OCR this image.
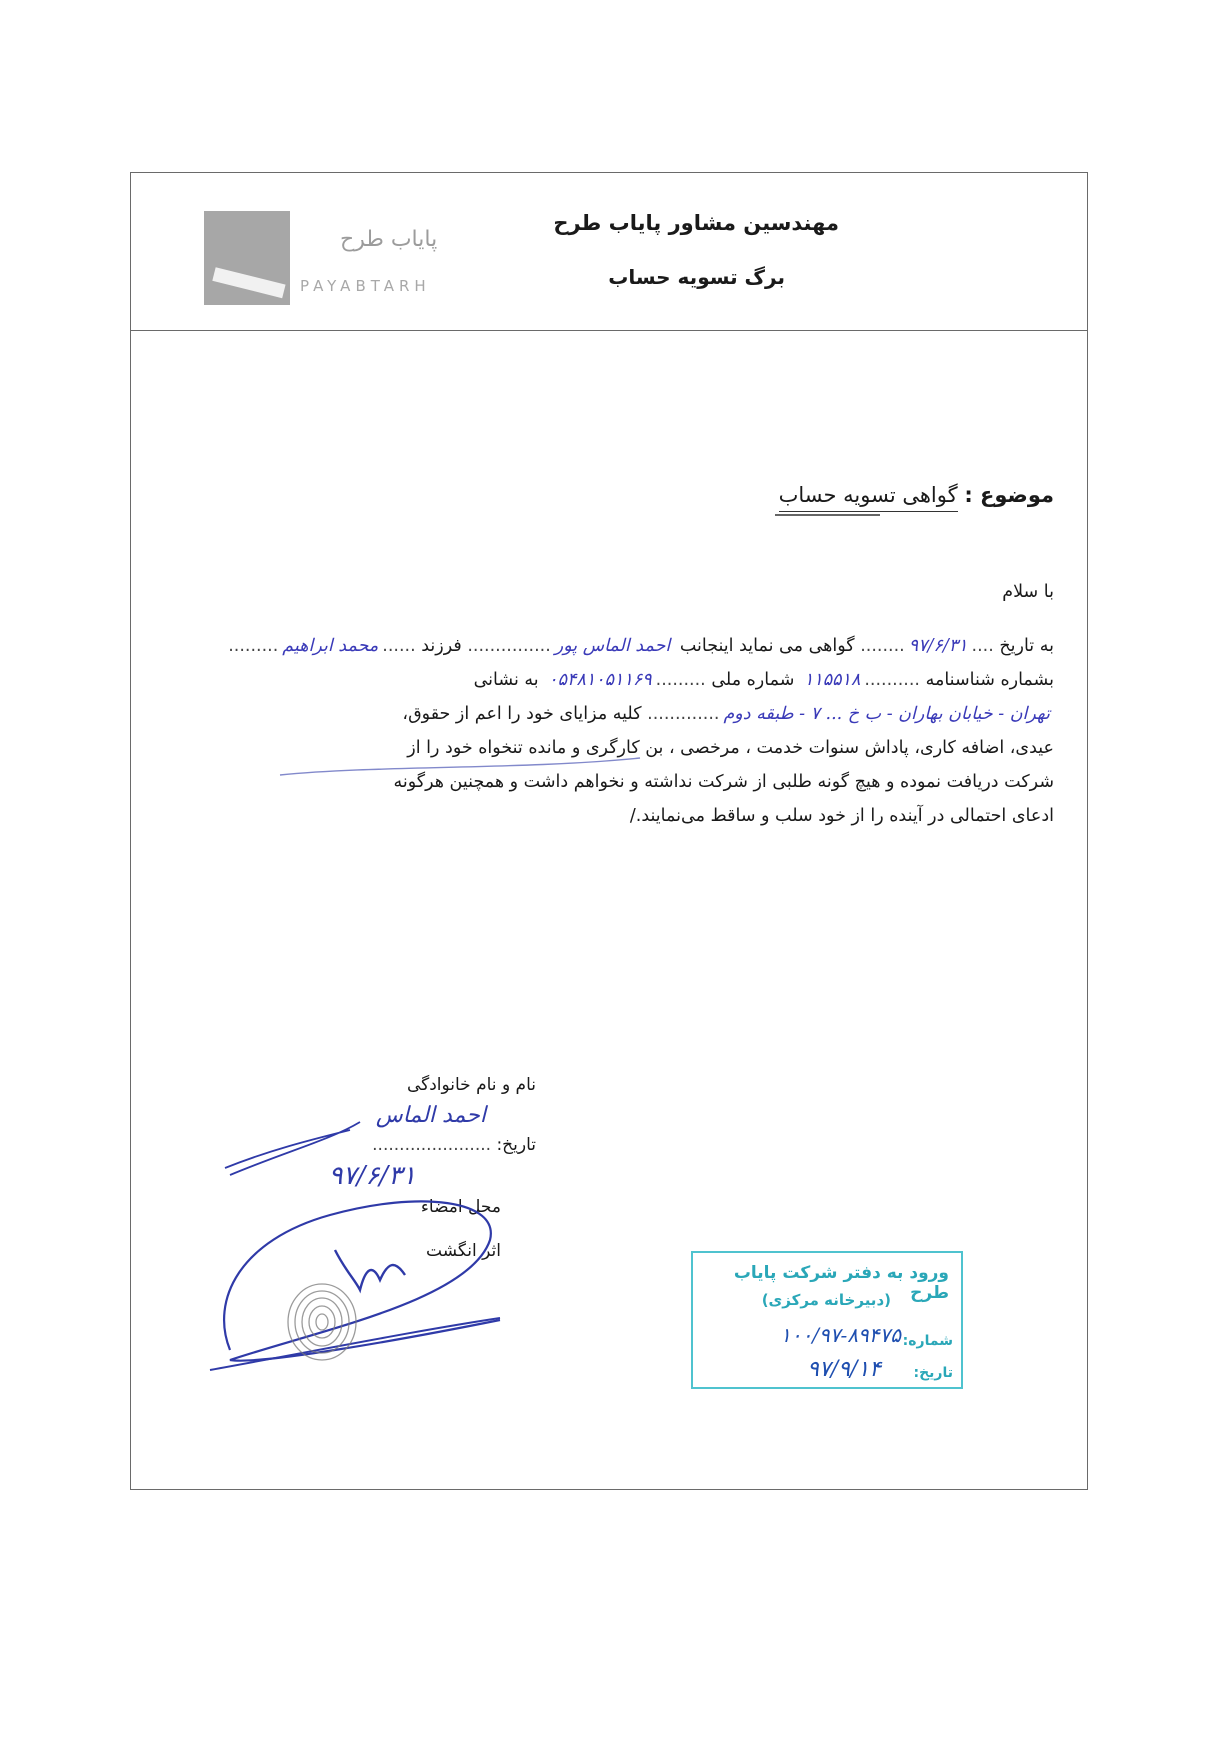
پایاب طرح
PAYABTARH
مهندسین مشاور پایاب طرح
برگ تسویه حساب
موضوع : گواهی تسویه حساب

با سلام

به تاریخ ....۹۷/۶/۳۱........ گواهی می نماید اینجانب احمد الماس پور............... فرزند ......محمد ابراهیم.........

بشماره شناسنامه ..........۱۱۵۵۱۸ شماره ملی .........۰۵۴۸۱۰۵۱۱۶۹ به نشانی

تهران - خیابان بهاران - ب خ ... ۷ - طبقه دوم............. کلیه مزایای خود را اعم از حقوق،

عیدی، اضافه کاری، پاداش سنوات خدمت ، مرخصی ، بن کارگری و مانده تنخواه خود را از

شرکت دریافت نموده و هیچ گونه طلبی از شرکت نداشته و نخواهم داشت و همچنین هرگونه

ادعای احتمالی در آینده را از خود سلب و ساقط می‌نمایند./

نام و نام خانوادگی
احمد الماس
تاریخ: ......................
۹۷/۶/۳۱
محل امضاء
اثر انگشت
ورود به دفتر شرکت پایاب طرح
(دبیرخانه مرکزی)
شماره:
۱۰۰/۹۷-۸۹۴۷۵
تاریخ:
۹۷/۹/۱۴
